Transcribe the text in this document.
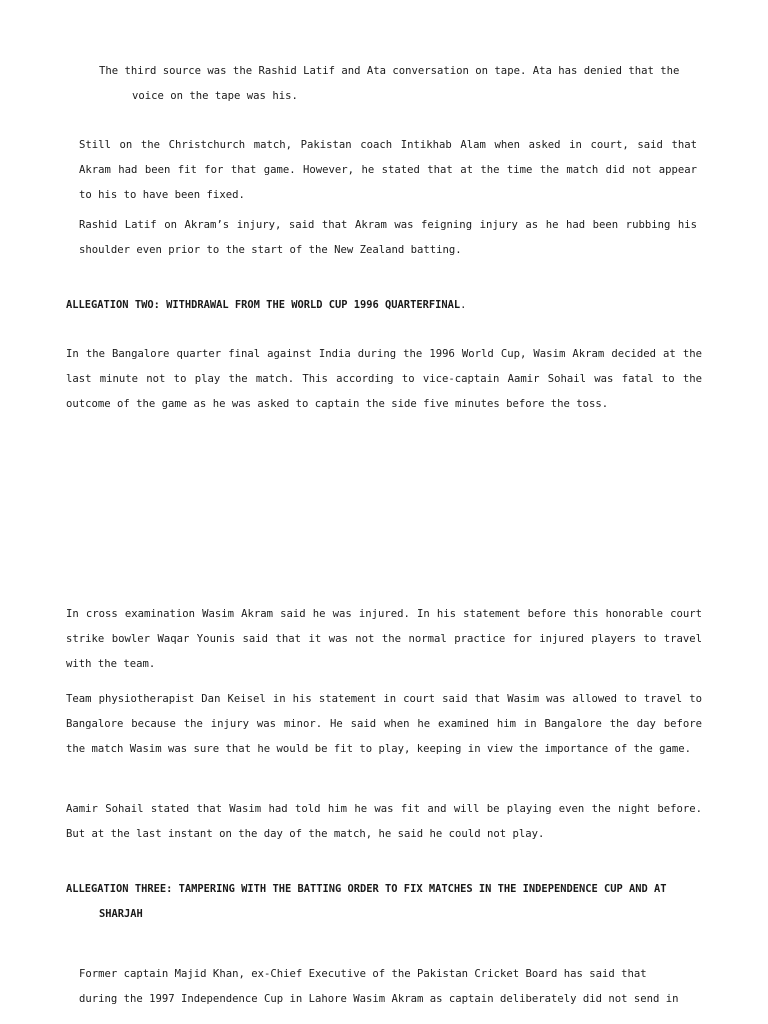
The third source was the Rashid Latif and Ata conversation on tape. Ata has denied that the
voice on the tape was his.

Still on the Christchurch match, Pakistan coach Intikhab Alam when asked in court, said that Akram had been fit for that game. However, he stated that at the time the match did not appear to his to have been fixed.

Rashid Latif on Akram’s injury, said that Akram was feigning injury as he had been rubbing his shoulder even prior to the start of the New Zealand batting.

ALLEGATION TWO: WITHDRAWAL FROM THE WORLD CUP 1996 QUARTERFINAL.

In the Bangalore quarter final against India during the 1996 World Cup, Wasim Akram decided at the last minute not to play the match. This according to vice-captain Aamir Sohail was fatal to the outcome of the game as he was asked to captain the side five minutes before the toss.

In cross examination Wasim Akram said he was injured. In his statement before this honorable court strike bowler Waqar Younis said that it was not the normal practice for injured players to travel with the team.

Team physiotherapist Dan Keisel in his statement in court said that Wasim was allowed to travel to Bangalore because the injury was minor. He said when he examined him in Bangalore the day before the match Wasim was sure that he would be fit to play, keeping in view the importance of the game.

Aamir Sohail stated that Wasim had told him he was fit and will be playing even the night before. But at the last instant on the day of the match, he said he could not play.

ALLEGATION THREE: TAMPERING WITH THE BATTING ORDER TO FIX MATCHES IN THE INDEPENDENCE CUP AND AT
SHARJAH

Former captain Majid Khan, ex-Chief Executive of the Pakistan Cricket Board has said that
during the 1997 Independence Cup in Lahore Wasim Akram as captain deliberately did not send in
